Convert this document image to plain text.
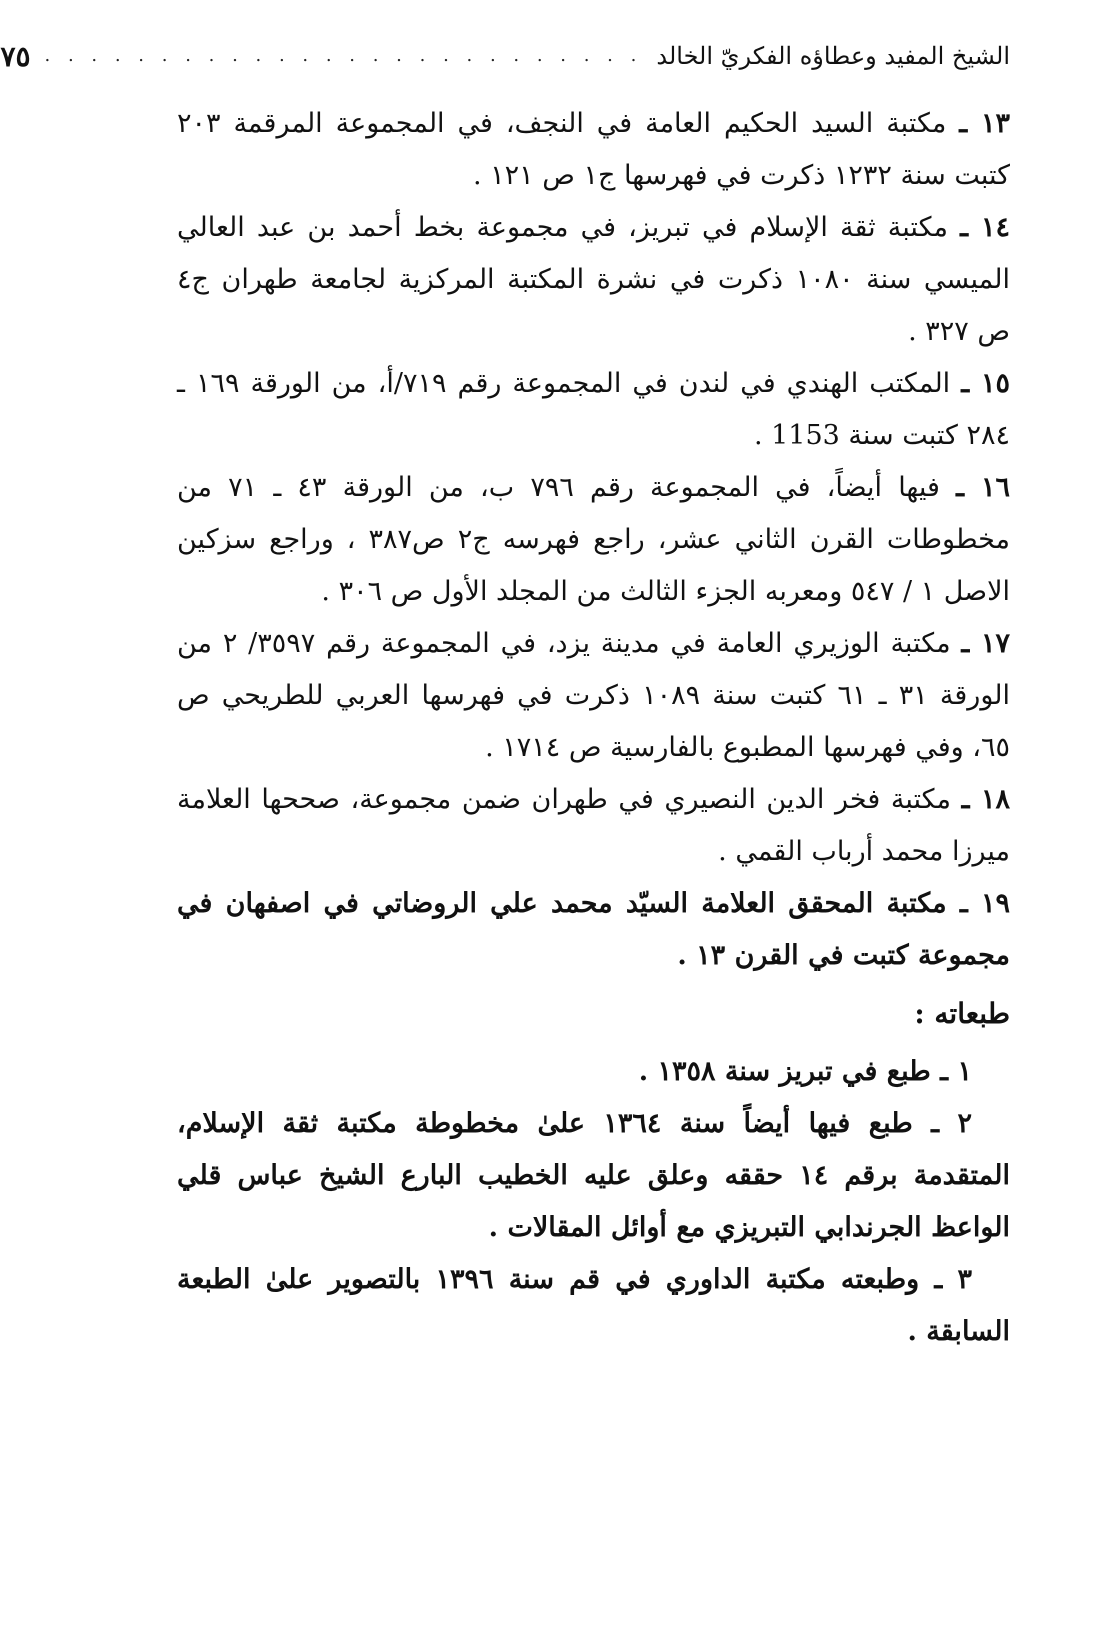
الشيخ المفيد وعطاؤه الفكريّ الخالد
. . . . . . . . . . . . . . . . . . . . . . . . . .
٧٥

١٣ ـ مكتبة السيد الحكيم العامة في النجف، في المجموعة المرقمة ٢٠٣ كتبت سنة ١٢٣٢ ذكرت في فهرسها ج١ ص ١٢١ .

١٤ ـ مكتبة ثقة الإسلام في تبريز، في مجموعة بخط أحمد بن عبد العالي الميسي سنة ١٠٨٠ ذكرت في نشرة المكتبة المركزية لجامعة طهران ج٤ ص ٣٢٧ .

١٥ ـ المكتب الهندي في لندن في المجموعة رقم ٧١٩/أ، من الورقة ١٦٩ ـ ٢٨٤ كتبت سنة 1153 .

١٦ ـ فيها أيضاً، في المجموعة رقم ٧٩٦ ب، من الورقة ٤٣ ـ ٧١ من مخطوطات القرن الثاني عشر، راجع فهرسه ج٢ ص٣٨٧ ، وراجع سزكين الاصل ١ / ٥٤٧ ومعربه الجزء الثالث من المجلد الأول ص ٣٠٦ .

١٧ ـ مكتبة الوزيري العامة في مدينة يزد، في المجموعة رقم ٣٥٩٧/ ٢ من الورقة ٣١ ـ ٦١ كتبت سنة ١٠٨٩ ذكرت في فهرسها العربي للطريحي ص ٦٥، وفي فهرسها المطبوع بالفارسية ص ١٧١٤ .

١٨ ـ مكتبة فخر الدين النصيري في طهران ضمن مجموعة، صححها العلامة ميرزا محمد أرباب القمي .

١٩ ـ مكتبة المحقق العلامة السيّد محمد علي الروضاتي في اصفهان في مجموعة كتبت في القرن ١٣ .

طبعاته :

١ ـ طبع في تبريز سنة ١٣٥٨ .

٢ ـ طبع فيها أيضاً سنة ١٣٦٤ علىٰ مخطوطة مكتبة ثقة الإسلام، المتقدمة برقم ١٤ حققه وعلق عليه الخطيب البارع الشيخ عباس قلي الواعظ الجرندابي التبريزي مع أوائل المقالات .

٣ ـ وطبعته مكتبة الداوري في قم سنة ١٣٩٦ بالتصوير علىٰ الطبعة السابقة .
